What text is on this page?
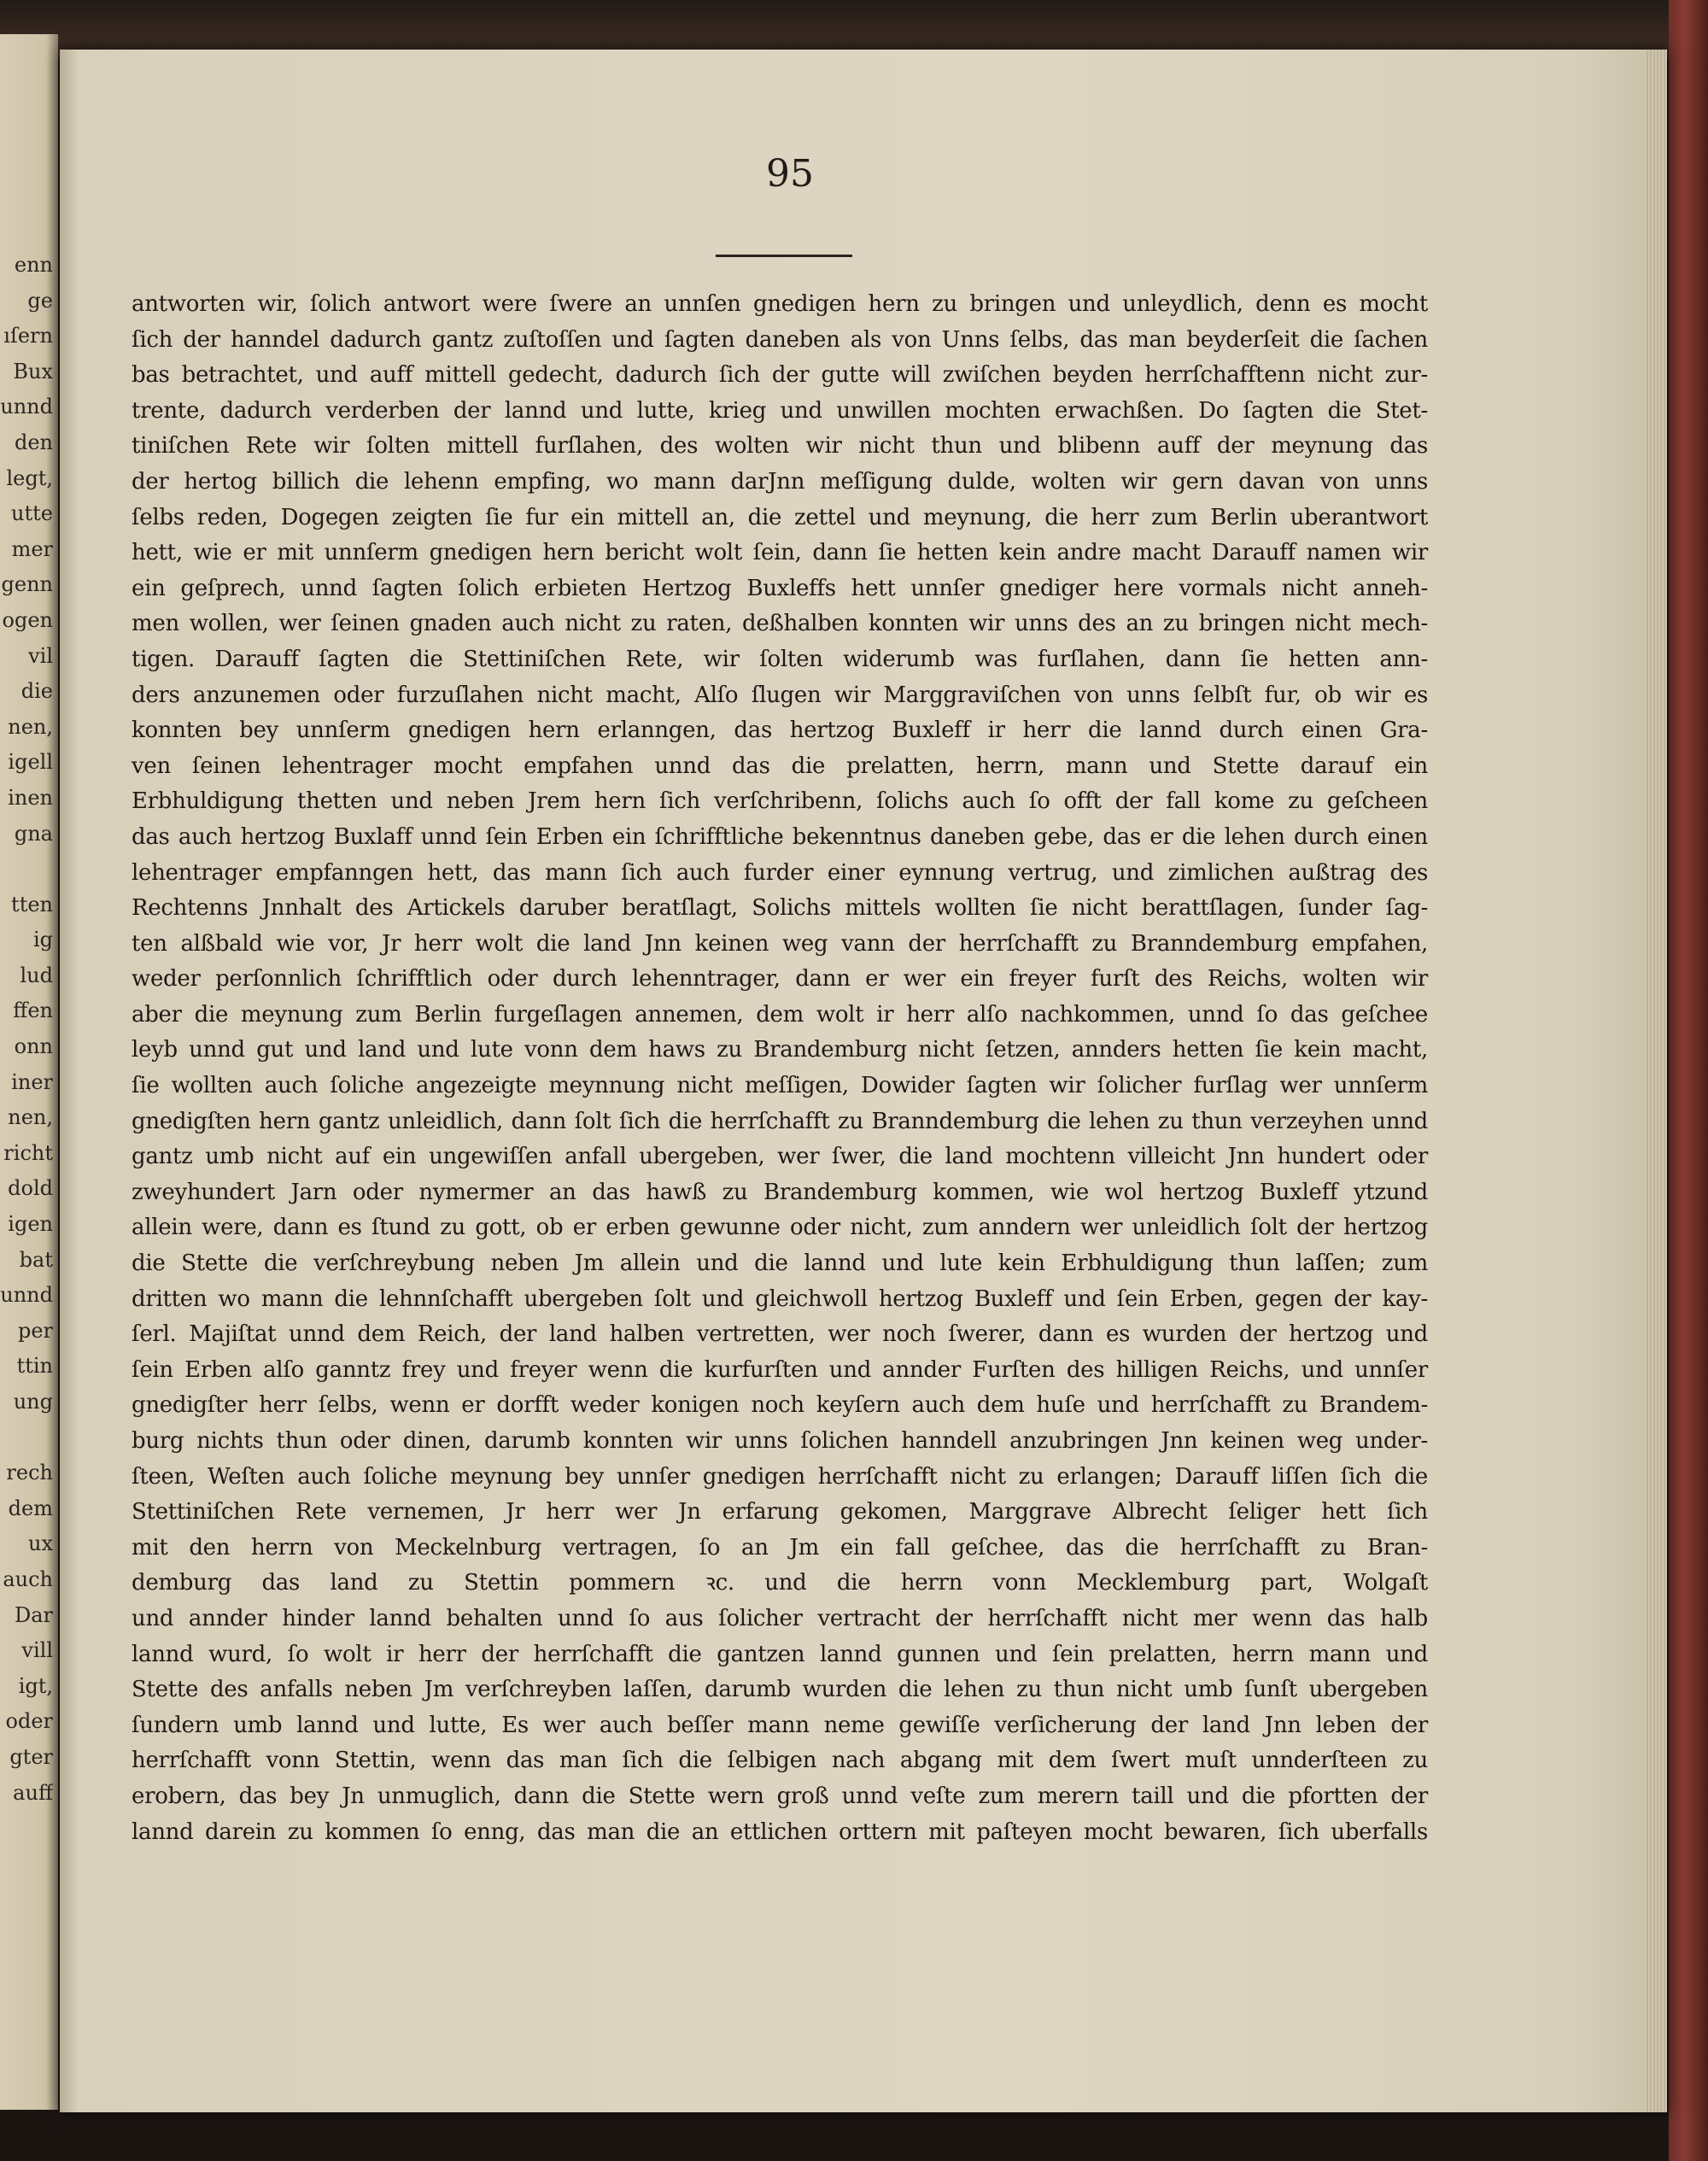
enn
ge
ıſern
Bux
unnd
den
legt,
utte
mer
genn
ogen
vil
die
nen,
igell
inen
gna
tten
ig
lud
ffen
onn
iner
nen,
richt
dold
igen
bat
unnd
per
ttin
ung
rech
dem
ux
auch
Dar
vill
igt,
oder
gter
auff
95
antworten wir, ſolich antwort were ſwere an unnſen gnedigen hern zu bringen und unleydlich, denn es mocht
ſich der hanndel dadurch gantz zuſtoſſen und ſagten daneben als von Unns ſelbs, das man beyderſeit die ſachen
bas betrachtet, und auff mittell gedecht, dadurch ſich der gutte will zwiſchen beyden herrſchafftenn nicht zur-
trente, dadurch verderben der lannd und lutte, krieg und unwillen mochten erwachßen. Do ſagten die Stet-
tiniſchen Rete wir ſolten mittell furſlahen, des wolten wir nicht thun und blibenn auff der meynung das
der hertog billich die lehenn empfing, wo mann darJnn meſſigung dulde, wolten wir gern davan von unns
ſelbs reden, Dogegen zeigten ſie fur ein mittell an, die zettel und meynung, die herr zum Berlin uberantwort
hett, wie er mit unnſerm gnedigen hern bericht wolt ſein, dann ſie hetten kein andre macht Darauff namen wir
ein geſprech, unnd ſagten ſolich erbieten Hertzog Buxleffs hett unnſer gnediger here vormals nicht anneh-
men wollen, wer ſeinen gnaden auch nicht zu raten, deßhalben konnten wir unns des an zu bringen nicht mech-
tigen. Darauff ſagten die Stettiniſchen Rete, wir ſolten widerumb was furſlahen, dann ſie hetten ann-
ders anzunemen oder furzuſlahen nicht macht, Alſo ſlugen wir Marggraviſchen von unns ſelbſt fur, ob wir es
konnten bey unnſerm gnedigen hern erlanngen, das hertzog Buxleff ir herr die lannd durch einen Gra-
ven ſeinen lehentrager mocht empfahen unnd das die prelatten, herrn, mann und Stette darauf ein
Erbhuldigung thetten und neben Jrem hern ſich verſchribenn, ſolichs auch ſo offt der fall kome zu geſcheen
das auch hertzog Buxlaff unnd ſein Erben ein ſchrifftliche bekenntnus daneben gebe, das er die lehen durch einen
lehentrager empfanngen hett, das mann ſich auch furder einer eynnung vertrug, und zimlichen außtrag des
Rechtenns Jnnhalt des Artickels daruber beratſlagt, Solichs mittels wollten ſie nicht berattſlagen, ſunder ſag-
ten alßbald wie vor, Jr herr wolt die land Jnn keinen weg vann der herrſchafft zu Branndemburg empfahen,
weder perſonnlich ſchrifftlich oder durch lehenntrager, dann er wer ein freyer furſt des Reichs, wolten wir
aber die meynung zum Berlin furgeſlagen annemen, dem wolt ir herr alſo nachkommen, unnd ſo das geſchee
leyb unnd gut und land und lute vonn dem haws zu Brandemburg nicht ſetzen, annders hetten ſie kein macht,
ſie wollten auch ſoliche angezeigte meynnung nicht meſſigen, Dowider ſagten wir ſolicher furſlag wer unnſerm
gnedigſten hern gantz unleidlich, dann ſolt ſich die herrſchafft zu Branndemburg die lehen zu thun verzeyhen unnd
gantz umb nicht auf ein ungewiſſen anfall ubergeben, wer ſwer, die land mochtenn villeicht Jnn hundert oder
zweyhundert Jarn oder nymermer an das hawß zu Brandemburg kommen, wie wol hertzog Buxleff ytzund
allein were, dann es ſtund zu gott, ob er erben gewunne oder nicht, zum anndern wer unleidlich ſolt der hertzog
die Stette die verſchreybung neben Jm allein und die lannd und lute kein Erbhuldigung thun laſſen; zum
dritten wo mann die lehnnſchafft ubergeben ſolt und gleichwoll hertzog Buxleff und ſein Erben, gegen der kay-
ſerl. Majiſtat unnd dem Reich, der land halben vertretten, wer noch ſwerer, dann es wurden der hertzog und
ſein Erben alſo ganntz frey und freyer wenn die kurfurſten und annder Furſten des hilligen Reichs, und unnſer
gnedigſter herr ſelbs, wenn er dorfft weder konigen noch keyſern auch dem huſe und herrſchafft zu Brandem-
burg nichts thun oder dinen, darumb konnten wir unns ſolichen hanndell anzubringen Jnn keinen weg under-
ſteen, Weſten auch ſoliche meynung bey unnſer gnedigen herrſchafft nicht zu erlangen; Darauff liſſen ſich die
Stettiniſchen Rete vernemen, Jr herr wer Jn erfarung gekomen, Marggrave Albrecht ſeliger hett ſich
mit den herrn von Meckelnburg vertragen, ſo an Jm ein fall geſchee, das die herrſchafft zu Bran-
demburg das land zu Stettin pommern ꝛc. und die herrn vonn Mecklemburg part, Wolgaſt
und annder hinder lannd behalten unnd ſo aus ſolicher vertracht der herrſchafft nicht mer wenn das halb
lannd wurd, ſo wolt ir herr der herrſchafft die gantzen lannd gunnen und ſein prelatten, herrn mann und
Stette des anfalls neben Jm verſchreyben laſſen, darumb wurden die lehen zu thun nicht umb ſunſt ubergeben
ſundern umb lannd und lutte, Es wer auch beſſer mann neme gewiſſe verſicherung der land Jnn leben der
herrſchafft vonn Stettin, wenn das man ſich die ſelbigen nach abgang mit dem ſwert muſt unnderſteen zu
erobern, das bey Jn unmuglich, dann die Stette wern groß unnd veſte zum merern taill und die pfortten der
lannd darein zu kommen ſo enng, das man die an ettlichen orttern mit paſteyen mocht bewaren, ſich uberfalls
